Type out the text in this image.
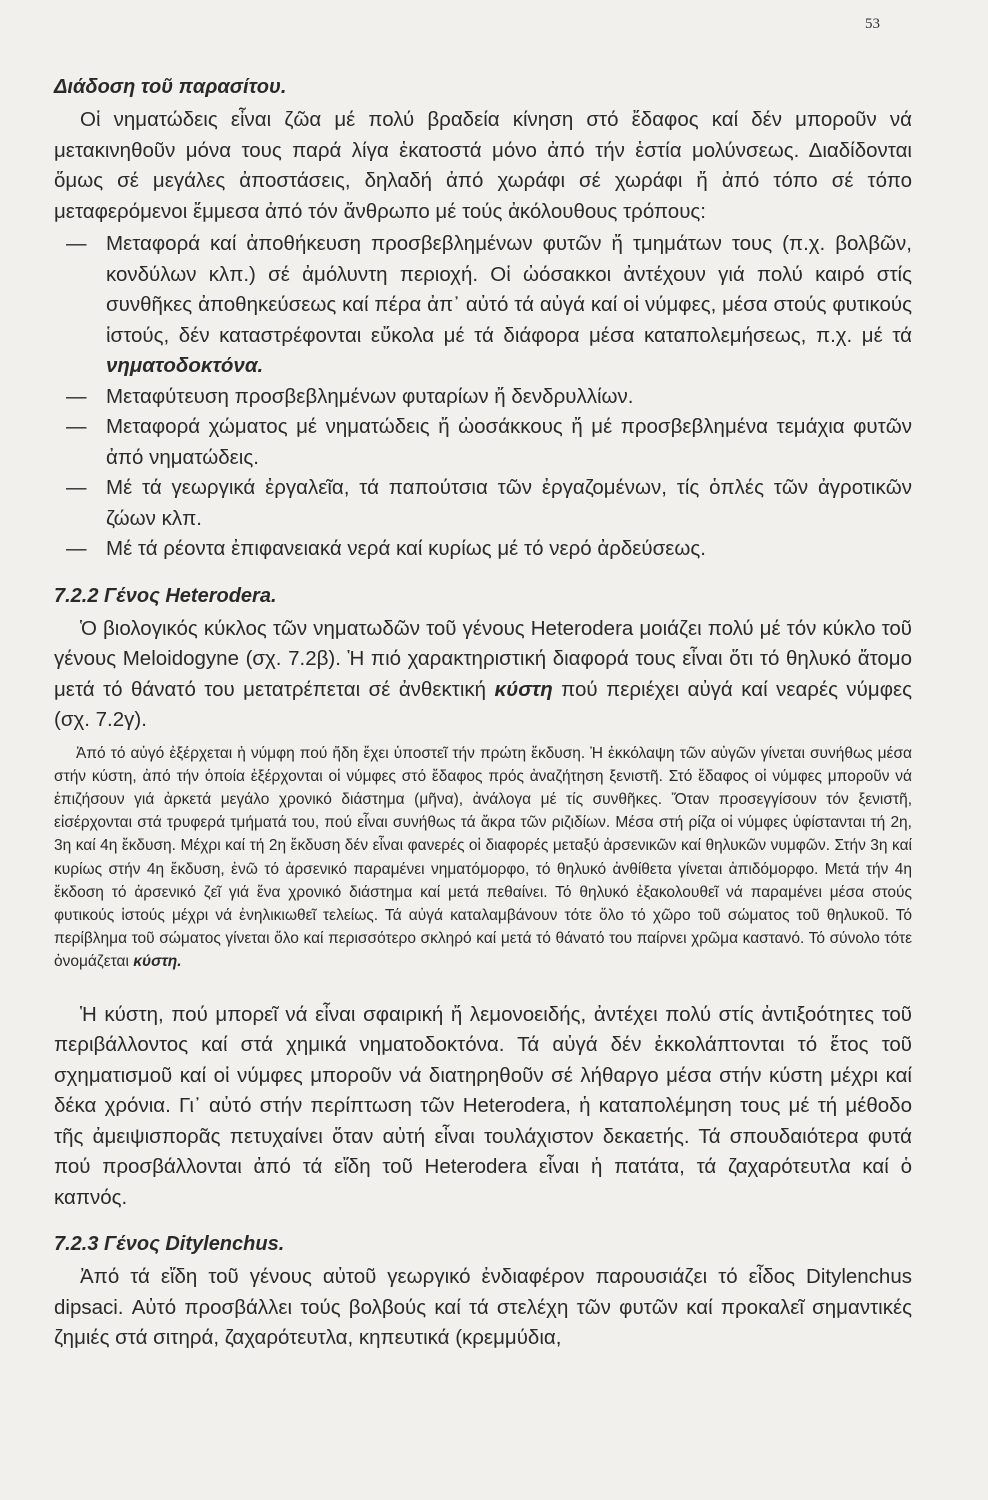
53
Διάδοση τοῦ παρασίτου.

Οἱ νηματώδεις εἶναι ζῶα μέ πολύ βραδεία κίνηση στό ἔδαφος καί δέν μποροῦν νά μετακινηθοῦν μόνα τους παρά λίγα ἑκατοστά μόνο ἀπό τήν ἑστία μολύνσεως. Διαδίδονται ὅμως σέ μεγάλες ἀποστάσεις, δηλαδή ἀπό χωράφι σέ χωράφι ἤ ἀπό τόπο σέ τόπο μεταφερόμενοι ἔμμεσα ἀπό τόν ἄνθρωπο μέ τούς ἀκόλουθους τρόπους:

— Μεταφορά καί ἀποθήκευση προσβεβλημένων φυτῶν ἤ τμημάτων τους (π.χ. βολβῶν, κονδύλων κλπ.) σέ ἀμόλυντη περιοχή. Οἱ ὠόσακκοι ἀντέχουν γιά πολύ καιρό στίς συνθῆκες ἀποθηκεύσεως καί πέρα ἀπ᾿ αὐτό τά αὐγά καί οἱ νύμφες, μέσα στούς φυτικούς ἱστούς, δέν καταστρέφονται εὔκολα μέ τά διάφορα μέσα καταπολεμήσεως, π.χ. μέ τά νηματοδοκτόνα.
— Μεταφύτευση προσβεβλημένων φυταρίων ἤ δενδρυλλίων.
— Μεταφορά χώματος μέ νηματώδεις ἤ ὠοσάκκους ἤ μέ προσβεβλημένα τεμάχια φυτῶν ἀπό νηματώδεις.
— Μέ τά γεωργικά ἐργαλεῖα, τά παπούτσια τῶν ἐργαζομένων, τίς ὁπλές τῶν ἀγροτικῶν ζώων κλπ.
— Μέ τά ρέοντα ἐπιφανειακά νερά καί κυρίως μέ τό νερό ἀρδεύσεως.
7.2.2 Γένος Heterodera.

Ὁ βιολογικός κύκλος τῶν νηματωδῶν τοῦ γένους Heterodera μοιάζει πολύ μέ τόν κύκλο τοῦ γένους Meloidogyne (σχ. 7.2β). Ἡ πιό χαρακτηριστική διαφορά τους εἶναι ὅτι τό θηλυκό ἄτομο μετά τό θάνατό του μετατρέπεται σέ ἀνθεκτική κύστη πού περιέχει αὐγά καί νεαρές νύμφες (σχ. 7.2γ).

Ἀπό τό αὐγό ἐξέρχεται ἡ νύμφη πού ἤδη ἔχει ὑποστεῖ τήν πρώτη ἔκδυση. Ἡ ἐκκόλαψη τῶν αὐγῶν γίνεται συνήθως μέσα στήν κύστη, ἀπό τήν ὁποία ἐξέρχονται οἱ νύμφες στό ἔδαφος πρός ἀναζήτηση ξενιστῆ. Στό ἔδαφος οἱ νύμφες μποροῦν νά ἐπιζήσουν γιά ἀρκετά μεγάλο χρονικό διάστημα (μῆνα), ἀνάλογα μέ τίς συνθῆκες. Ὅταν προσεγγίσουν τόν ξενιστῆ, εἰσέρχονται στά τρυφερά τμήματά του, πού εἶναι συνήθως τά ἄκρα τῶν ριζιδίων. Μέσα στή ρίζα οἱ νύμφες ὑφίστανται τή 2η, 3η καί 4η ἔκδυση. Μέχρι καί τή 2η ἔκδυση δέν εἶναι φανερές οἱ διαφορές μεταξύ ἀρσενικῶν καί θηλυκῶν νυμφῶν. Στήν 3η καί κυρίως στήν 4η ἔκδυση, ἐνῶ τό ἀρσενικό παραμένει νηματόμορφο, τό θηλυκό ἀνθίθετα γίνεται ἀπιδόμορφο. Μετά τήν 4η ἔκδοση τό ἀρσενικό ζεῖ γιά ἕνα χρονικό διάστημα καί μετά πεθαίνει. Τό θηλυκό ἐξακολουθεῖ νά παραμένει μέσα στούς φυτικούς ἱστούς μέχρι νά ἐνηλικιωθεῖ τελείως. Τά αὐγά καταλαμβάνουν τότε ὅλο τό χῶρο τοῦ σώματος τοῦ θηλυκοῦ. Τό περίβλημα τοῦ σώματος γίνεται ὅλο καί περισσότερο σκληρό καί μετά τό θάνατό του παίρνει χρῶμα καστανό. Τό σύνολο τότε ὀνομάζεται κύστη.

Ἡ κύστη, πού μπορεῖ νά εἶναι σφαιρική ἤ λεμονοειδής, ἀντέχει πολύ στίς ἀντιξοότητες τοῦ περιβάλλοντος καί στά χημικά νηματοδοκτόνα. Τά αὐγά δέν ἐκκολάπτονται τό ἔτος τοῦ σχηματισμοῦ καί οἱ νύμφες μποροῦν νά διατηρηθοῦν σέ λήθαργο μέσα στήν κύστη μέχρι καί δέκα χρόνια. Γι᾿ αὐτό στήν περίπτωση τῶν Heterodera, ἡ καταπολέμηση τους μέ τή μέθοδο τῆς ἀμειψισπορᾶς πετυχαίνει ὅταν αὐτή εἶναι τουλάχιστον δεκαετής. Τά σπουδαιότερα φυτά πού προσβάλλονται ἀπό τά εἴδη τοῦ Heterodera εἶναι ἡ πατάτα, τά ζαχαρότευτλα καί ὁ καπνός.

7.2.3 Γένος Ditylenchus.

Ἀπό τά εἴδη τοῦ γένους αὐτοῦ γεωργικό ἐνδιαφέρον παρουσιάζει τό εἶδος Ditylenchus dipsaci. Αὐτό προσβάλλει τούς βολβούς καί τά στελέχη τῶν φυτῶν καί προκαλεῖ σημαντικές ζημιές στά σιτηρά, ζαχαρότευτλα, κηπευτικά (κρεμμύδια,
